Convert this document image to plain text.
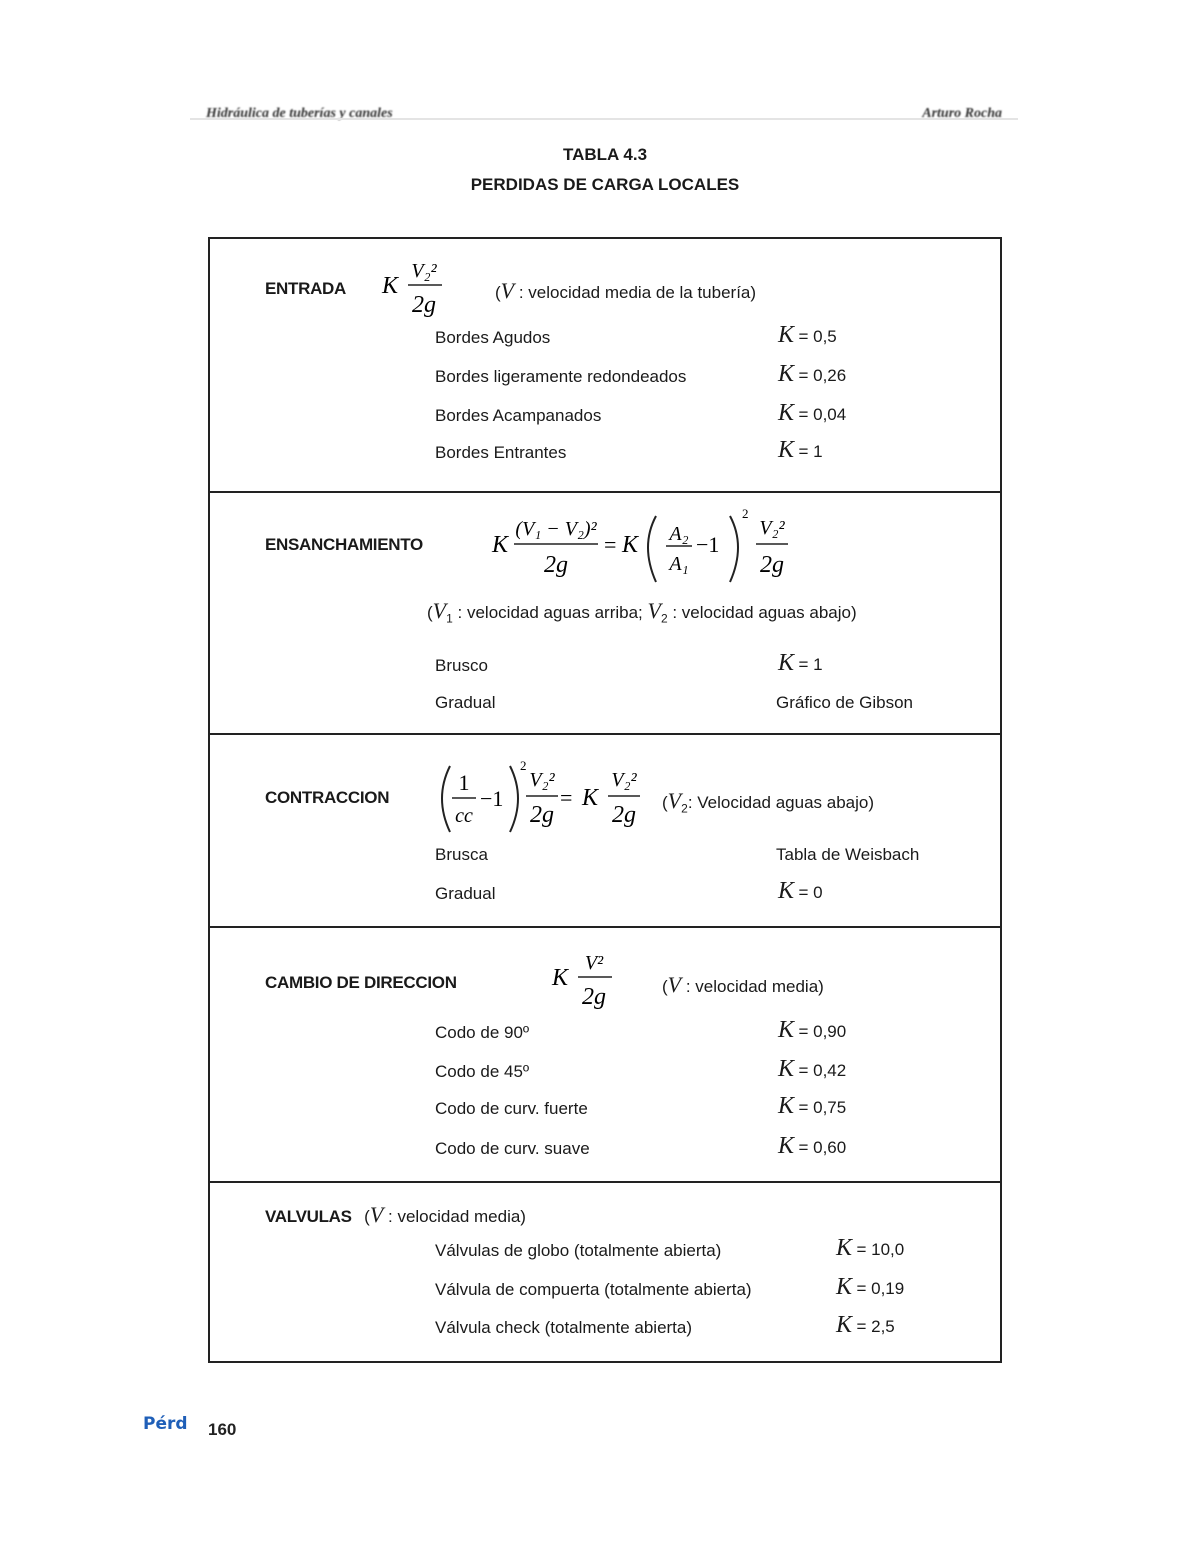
Hidráulica de tuberías y canales	Arturo Rocha
TABLA 4.3
PERDIDAS DE CARGA LOCALES
ENTRADA K
V₂²
2g	(V : velocidad media de la tubería)
Bordes Agudos	K = 0,5
Bordes ligeramente redondeados	K = 0,26
Bordes Acampanados	K = 0,04
Bordes Entrantes	K = 1
ENSANCHAMIENTO	K
(V₁ − V₂)²
2g
= K A₂
A₁
−1
2
V₂²
2g
($V_1$ : velocidad aguas arriba; $V_2$ : velocidad aguas abajo)
Brusco	K = 1
Gradual	Gráfico de Gibson
CONTRACCION
1
cc
−1
2
V₂²
2g
= K
V₂²
2g ($V_2$: Velocidad aguas abajo)
Brusca	Tabla de Weisbach
Gradual	K = 0
CAMBIO DE DIRECCION	K
V²
2g	(V : velocidad media)
Codo de 90º	K = 0,90
Codo de 45º	K = 0,42
Codo de curv. fuerte	K = 0,75
Codo de curv. suave	K = 0,60
VALVULAS (V : velocidad media)
Válvulas de globo (totalmente abierta)	K = 10,0
Válvula de compuerta (totalmente abierta)	K = 0,19
Válvula check (totalmente abierta)	K = 2,5
Pérd 160
